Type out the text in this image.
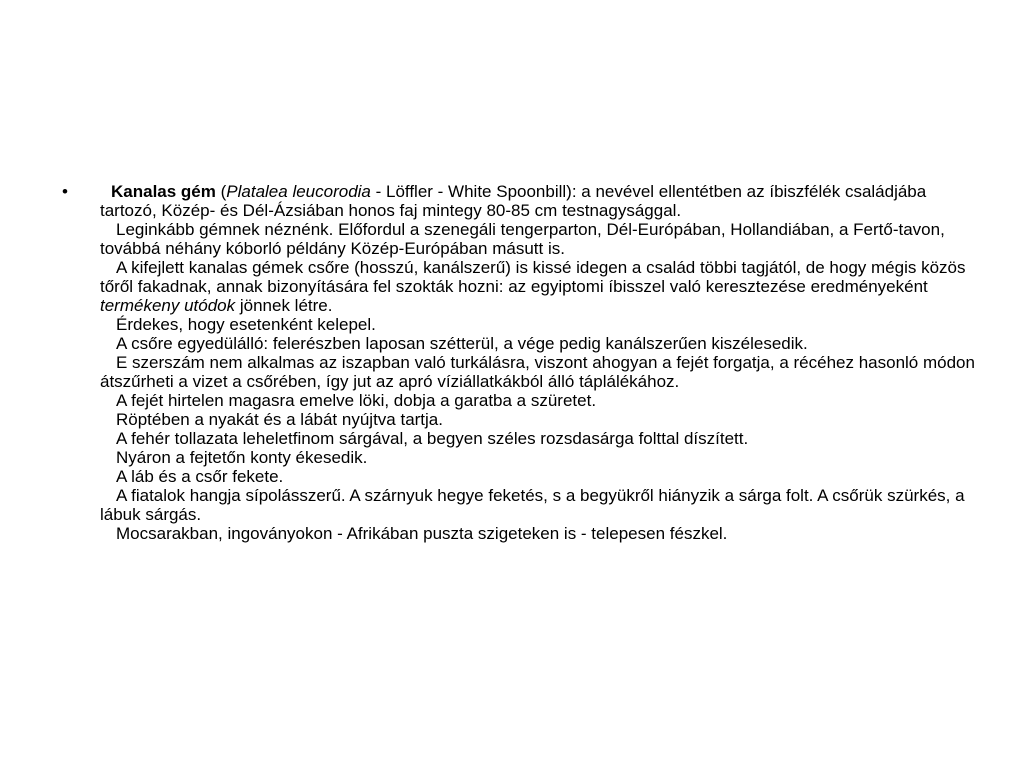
•	Kanalas gém (Platalea leucorodia - Löffler - White Spoonbill): a nevével ellentétben az íbiszfélék családjába tartozó, Közép- és Dél-Ázsiában honos faj mintegy 80-85 cm testnagysággal.

Leginkább gémnek néznénk. Előfordul a szenegáli tengerparton, Dél-Európában, Hollandiában, a Fertő-tavon, továbbá néhány kóborló példány Közép-Európában másutt is.

A kifejlett kanalas gémek csőre (hosszú, kanálszerű) is kissé idegen a család többi tagjától, de hogy mégis közös tőről fakadnak, annak bizonyítására fel szokták hozni: az egyiptomi íbisszel való keresztezése eredményeként termékeny utódok jönnek létre.

Érdekes, hogy esetenként kelepel.

A csőre egyedülálló: felerészben laposan szétterül, a vége pedig kanálszerűen kiszélesedik.

E szerszám nem alkalmas az iszapban való turkálásra, viszont ahogyan a fejét forgatja, a récéhez hasonló módon átszűrheti a vizet a csőrében, így jut az apró víziállatkákból álló táplálékához.

A fejét hirtelen magasra emelve löki, dobja a garatba a szüretet.

Röptében a nyakát és a lábát nyújtva tartja.

A fehér tollazata leheletfinom sárgával, a begyen széles rozsdasárga folttal díszített.

Nyáron a fejtetőn konty ékesedik.

A láb és a csőr fekete.

A fiatalok hangja sípolásszerű. A szárnyuk hegye feketés, s a begyükről hiányzik a sárga folt. A csőrük szürkés, a lábuk sárgás.

Mocsarakban, ingoványokon - Afrikában puszta szigeteken is - telepesen fészkel.
